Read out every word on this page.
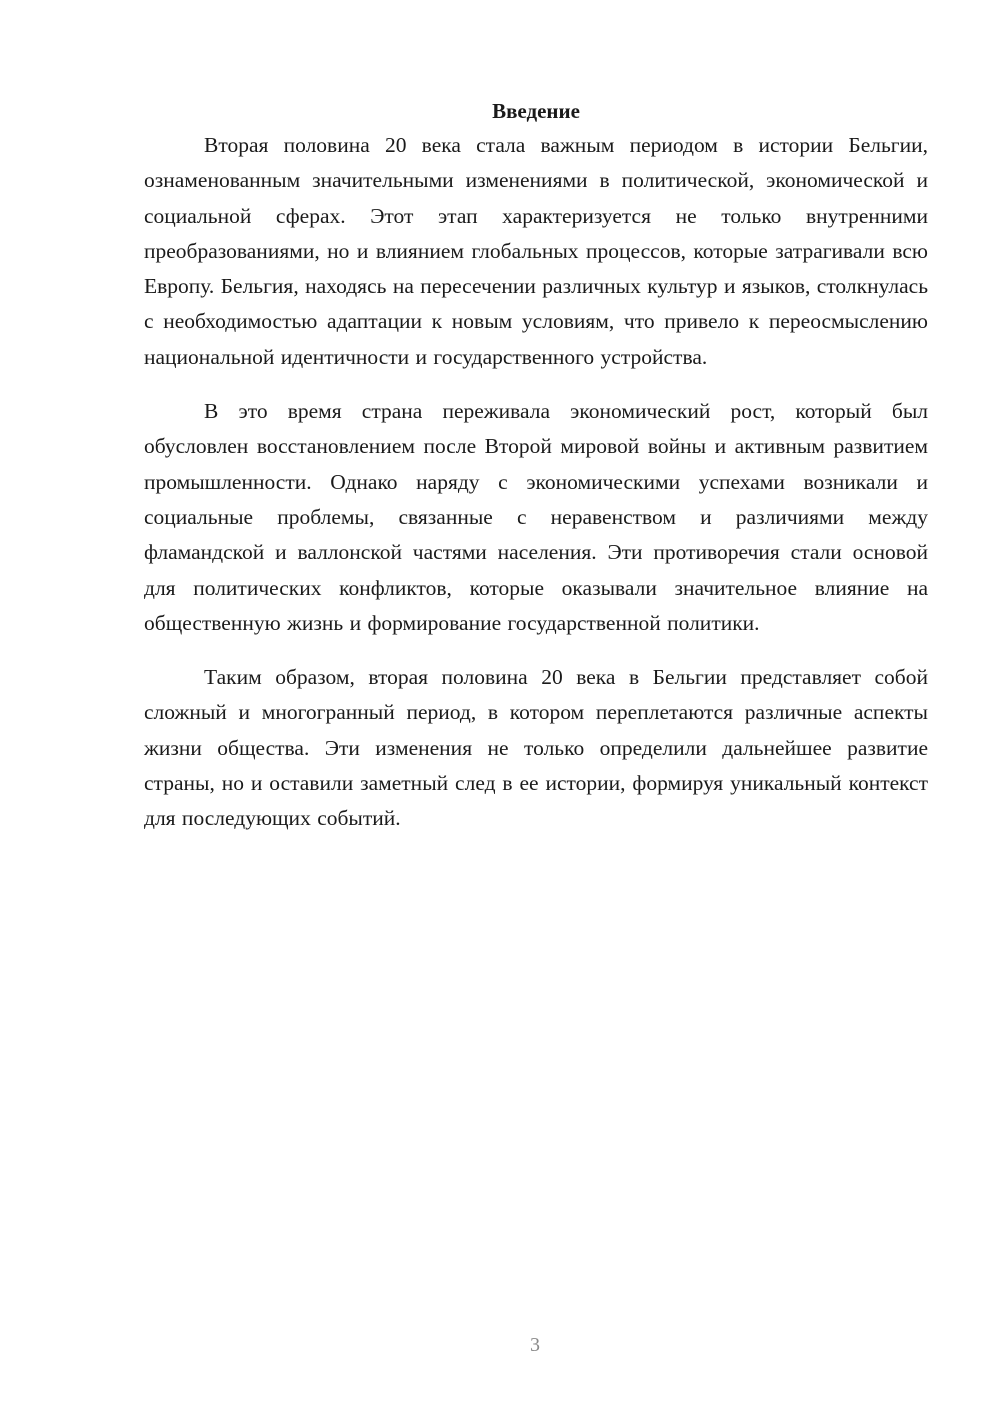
Введение

Вторая половина 20 века стала важным периодом в истории Бельгии, ознаменованным значительными изменениями в политической, экономической и социальной сферах. Этот этап характеризуется не только внутренними преобразованиями, но и влиянием глобальных процессов, которые затрагивали всю Европу. Бельгия, находясь на пересечении различных культур и языков, столкнулась с необходимостью адаптации к новым условиям, что привело к переосмыслению национальной идентичности и государственного устройства.

В это время страна переживала экономический рост, который был обусловлен восстановлением после Второй мировой войны и активным развитием промышленности. Однако наряду с экономическими успехами возникали и социальные проблемы, связанные с неравенством и различиями между фламандской и валлонской частями населения. Эти противоречия стали основой для политических конфликтов, которые оказывали значительное влияние на общественную жизнь и формирование государственной политики.

Таким образом, вторая половина 20 века в Бельгии представляет собой сложный и многогранный период, в котором переплетаются различные аспекты жизни общества. Эти изменения не только определили дальнейшее развитие страны, но и оставили заметный след в ее истории, формируя уникальный контекст для последующих событий.

3
